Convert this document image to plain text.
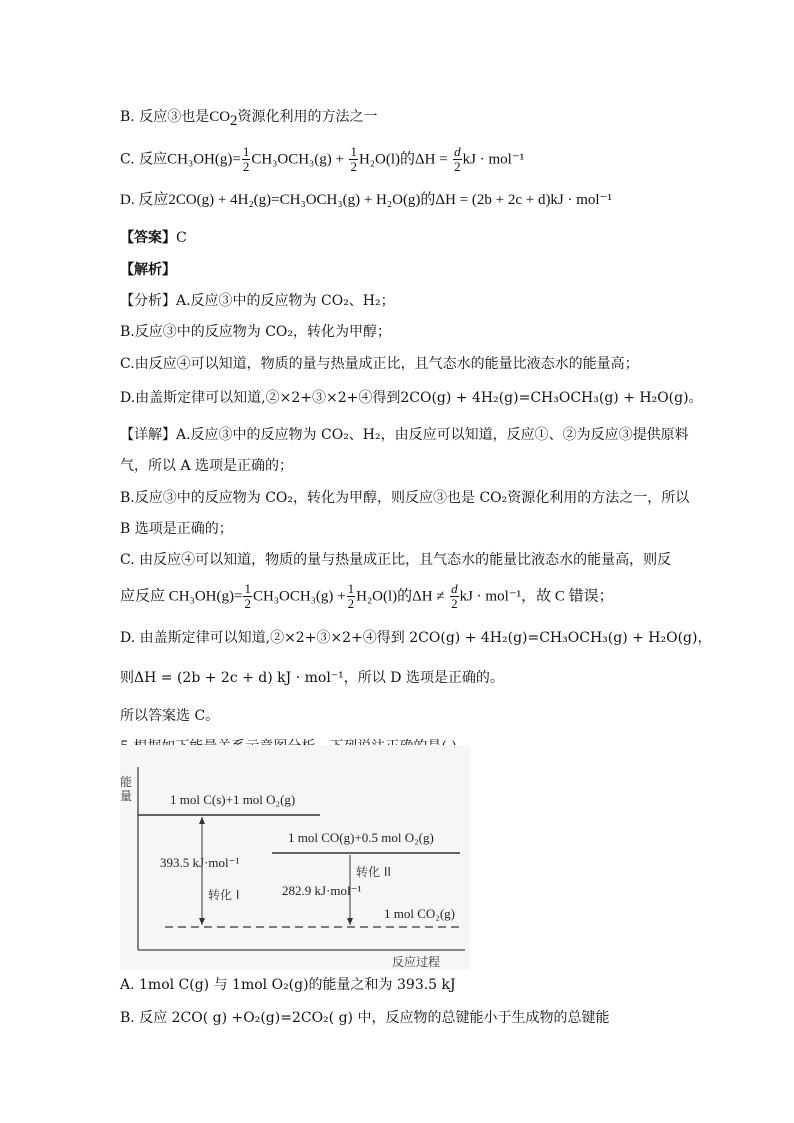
B. 反应③也是$CO_2$资源化利用的方法之一
C. 反应$CH_3OH(g)= \frac{1}{2} CH_3OCH_3(g) + \frac{1}{2} H_2O(l)$的$\Delta H = \frac{d}{2}$ kJ · mol⁻¹
D. 反应2CO(g) + 4H₂(g)=CH₃OCH₃(g) + H₂O(g)的ΔH = (2b + 2c + d)kJ · mol⁻¹
【答案】C
【解析】
【分析】A.反应③中的反应物为 CO₂、H₂；
B.反应③中的反应物为 CO₂，转化为甲醇；
C.由反应④可以知道，物质的量与热量成正比，且气态水的能量比液态水的能量高；
D.由盖斯定律可以知道,②×2+③×2+④得到2CO(g) + 4H₂(g)=CH₃OCH₃(g) + H₂O(g)。
【详解】A.反应③中的反应物为 CO₂、H₂，由反应可以知道，反应①、②为反应③提供原料
气，所以 A 选项是正确的；
B.反应③中的反应物为 CO₂，转化为甲醇，则反应③也是 CO₂资源化利用的方法之一，所以
B 选项是正确的；
C. 由反应④可以知道，物质的量与热量成正比，且气态水的能量比液态水的能量高，则反
应反应 $CH_3OH(g)= \frac{1}{2} CH_3OCH_3(g) + \frac{1}{2} H_2O(l)$的$\Delta H \ne \frac{d}{2}$ kJ · mol⁻¹，故 C 错误；
D. 由盖斯定律可以知道,②×2+③×2+④得到 2CO(g) + 4H₂(g)=CH₃OCH₃(g) + H₂O(g)，
则ΔH = (2b + 2c + d) kJ · mol⁻¹，所以 D 选项是正确的。
所以答案选 C。
能量	1 mol C(s)+1 mol O₂(g)
1 mol CO(g)+0.5 mol O₂(g)
1 mol CO₂(g)
393.5 kJ·mol⁻¹
转化 I
转化 II
282.9 kJ·mol⁻¹
反应过程
A. 1mol C(g) 与 1mol O₂(g)的能量之和为 393.5 kJ
B. 反应 2CO( g) +O₂(g)=2CO₂( g) 中，反应物的总键能小于生成物的总键能
